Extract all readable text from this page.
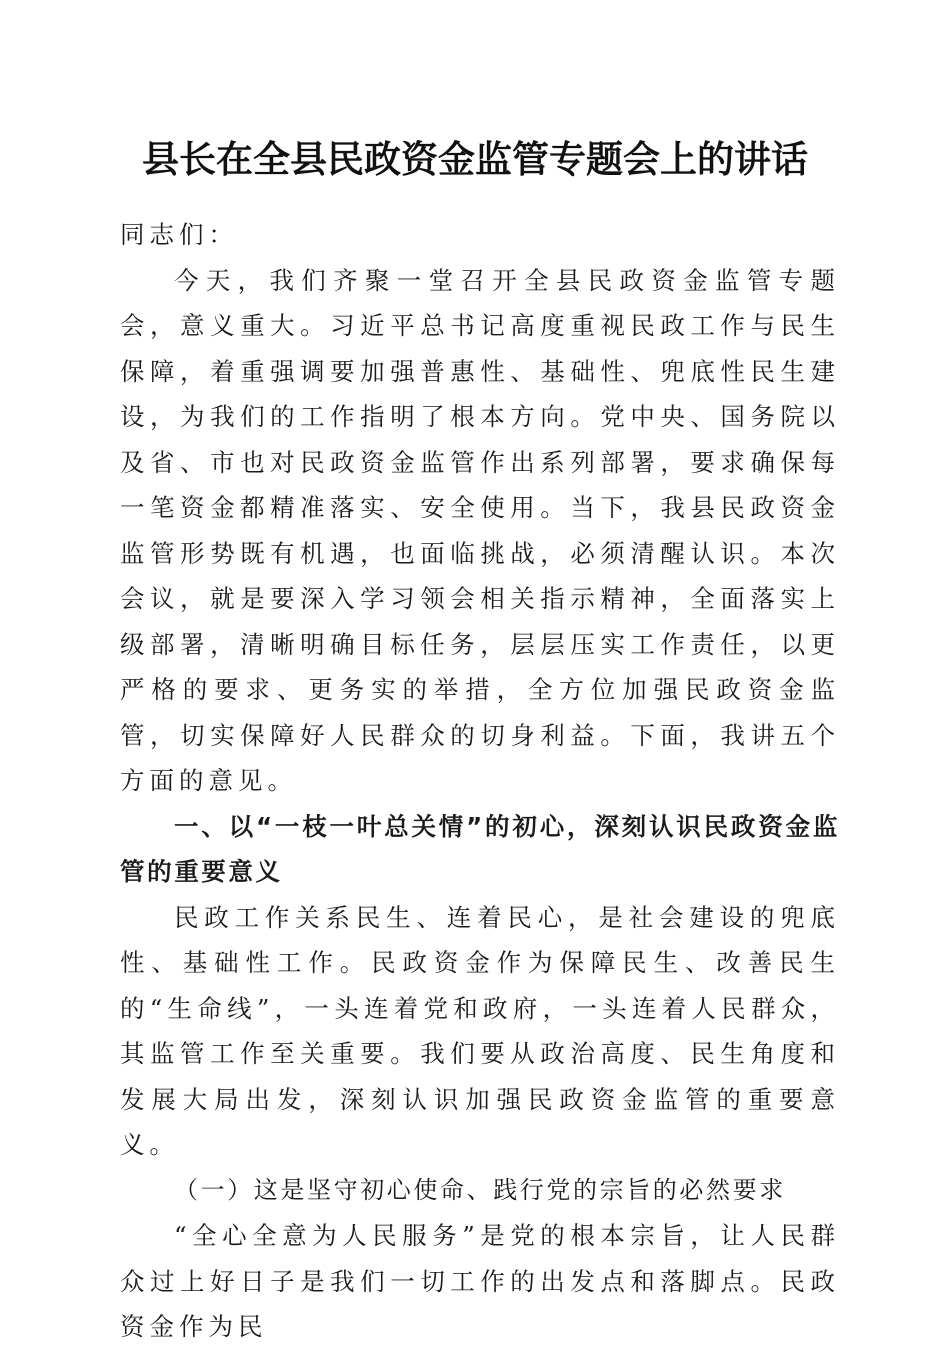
县长在全县民政资金监管专题会上的讲话

同志们：

今天，我们齐聚一堂召开全县民政资金监管专题会，意义重大。习近平总书记高度重视民政工作与民生保障，着重强调要加强普惠性、基础性、兜底性民生建设，为我们的工作指明了根本方向。党中央、国务院以及省、市也对民政资金监管作出系列部署，要求确保每一笔资金都精准落实、安全使用。当下，我县民政资金监管形势既有机遇，也面临挑战，必须清醒认识。本次会议，就是要深入学习领会相关指示精神，全面落实上级部署，清晰明确目标任务，层层压实工作责任，以更严格的要求、更务实的举措，全方位加强民政资金监管，切实保障好人民群众的切身利益。下面，我讲五个方面的意见。

一、以“一枝一叶总关情”的初心，深刻认识民政资金监管的重要意义

民政工作关系民生、连着民心，是社会建设的兜底性、基础性工作。民政资金作为保障民生、改善民生的“生命线”，一头连着党和政府，一头连着人民群众，其监管工作至关重要。我们要从政治高度、民生角度和发展大局出发，深刻认识加强民政资金监管的重要意义。

（一）这是坚守初心使命、践行党的宗旨的必然要求

“全心全意为人民服务”是党的根本宗旨，让人民群众过上好日子是我们一切工作的出发点和落脚点。民政资金作为民
